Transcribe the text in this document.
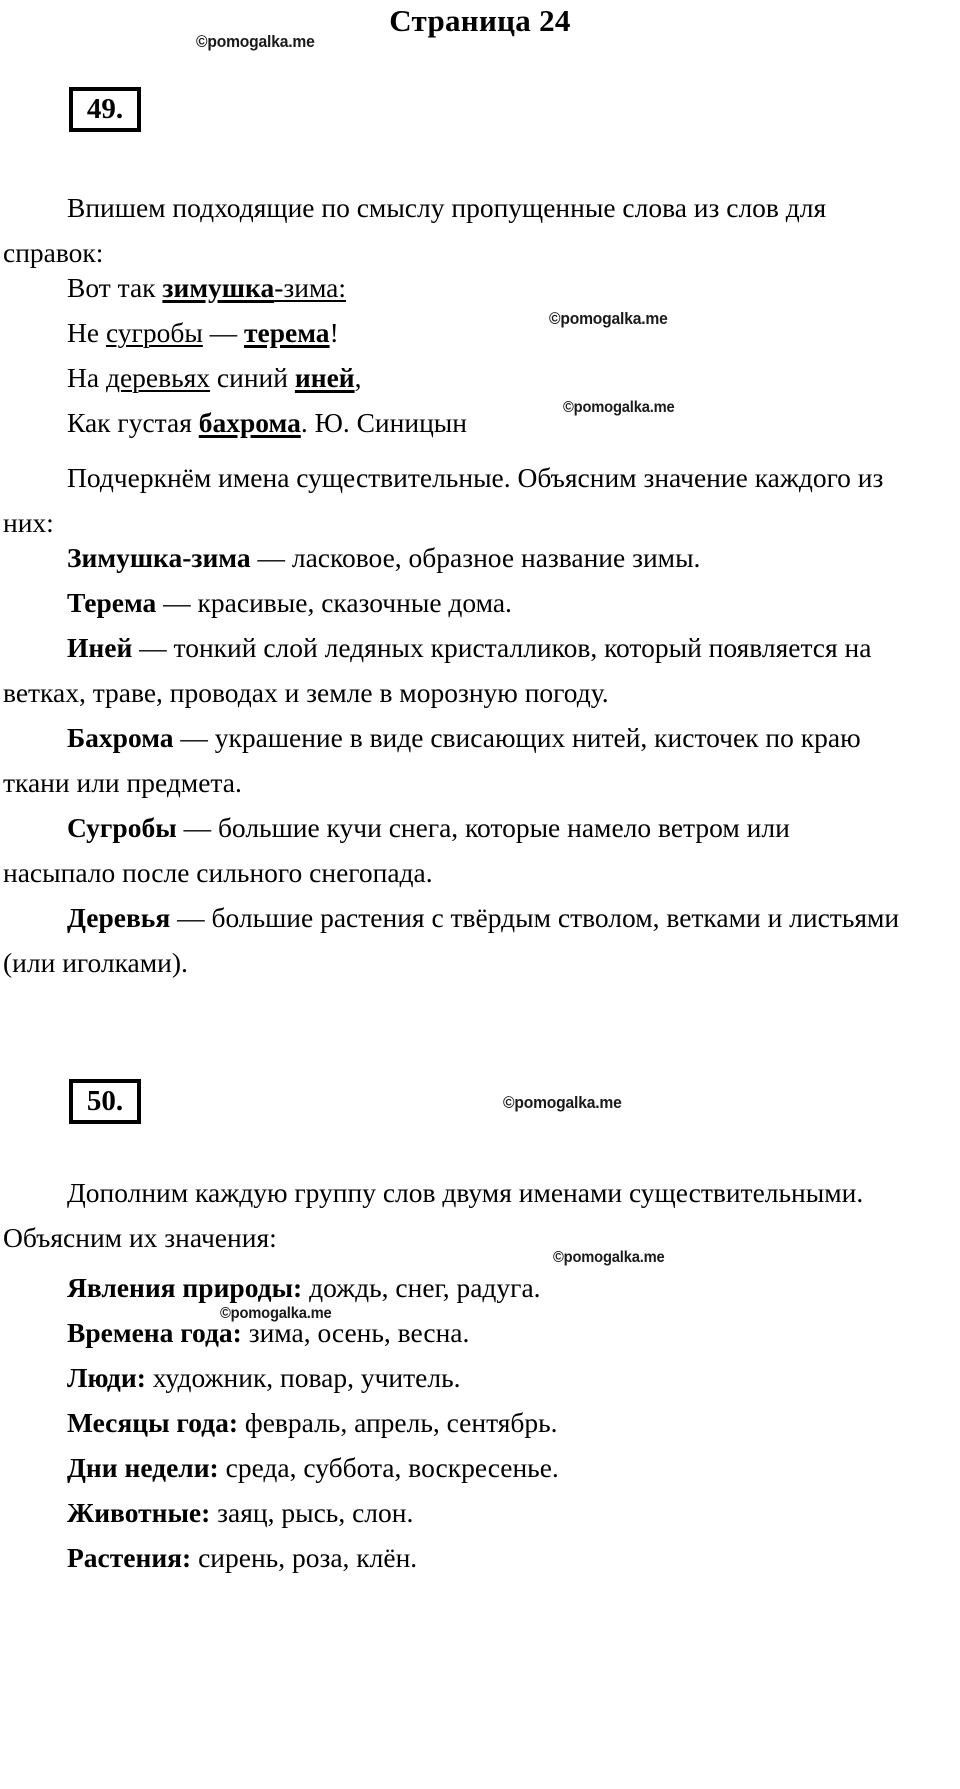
Страница 24
©pomogalka.me
©pomogalka.me
©pomogalka.me
©pomogalka.me
©pomogalka.me
©pomogalka.me
49.

Впишем подходящие по смыслу пропущенные слова из слов для справок:

Вот так зимушка-зима:

Не сугробы — терема!

На деревьях синий иней,

Как густая бахрома. Ю. Синицын

Подчеркнём имена существительные. Объясним значение каждого из них:

Зимушка-зима — ласковое, образное название зимы.

Терема — красивые, сказочные дома.

Иней — тонкий слой ледяных кристалликов, который появляется на ветках, траве, проводах и земле в морозную погоду.

Бахрома — украшение в виде свисающих нитей, кисточек по краю ткани или предмета.

Сугробы — большие кучи снега, которые намело ветром или насыпало после сильного снегопада.

Деревья — большие растения с твёрдым стволом, ветками и листьями (или иголками).

50.

Дополним каждую группу слов двумя именами существительными. Объясним их значения:

Явления природы: дождь, снег, радуга.

Времена года: зима, осень, весна.

Люди: художник, повар, учитель.

Месяцы года: февраль, апрель, сентябрь.

Дни недели: среда, суббота, воскресенье.

Животные: заяц, рысь, слон.

Растения: сирень, роза, клён.
